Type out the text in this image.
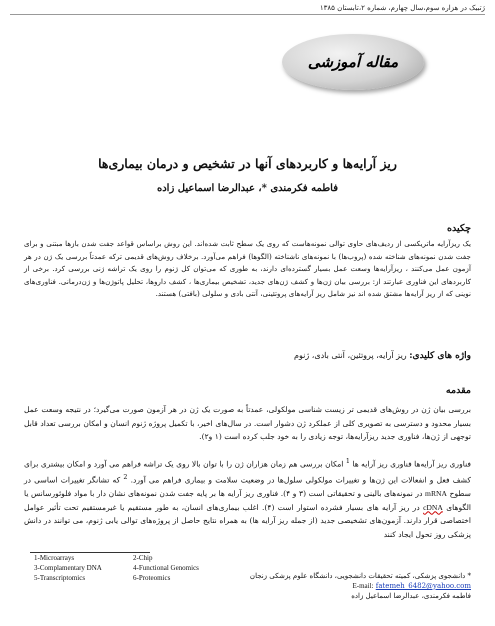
رَتبیک در هزاره سوم،سال چهارم، شماره ۲،تابستان ۱۳۸۵
مقاله آموزشی
ریز آرایه‌ها و کاربردهای آنها در تشخیص و درمان بیماری‌ها
فاطمه فکرمندی *، عبدالرضا اسماعیل زاده
چکیده
یک ریزآرایه ماتریکسی از ردیف‌های حاوی توالی نمونه‌هاست که روی یک سطح ثابت شده‌اند. این روش براساس قواعد جفت شدن بازها مبتنی و برای جفت شدن نمونه‌های شناخته شده (پروب‌ها) با نمونه‌های ناشناخته (الگوها) فراهم می‌آورد. برخلاف روش‌های قدیمی ترکه عمدتاً بررسی یک ژن در هر آزمون عمل می‌کنند ، ریزآرایه‌ها وسعت عمل بسیار گسترده‌ای دارند، به طوری که می‌توان کل ژنوم را روی یک تراشه ژنی بررسی کرد. برخی از کاربردهای این فناوری عبارتند از: بررسی بیان ژن‌ها و کشف ژن‌های جدید، تشخیص بیماری‌ها ، کشف داروها، تحلیل پاتوژن‌ها و ژن‌درمانی. فناوری‌های نوینی که از ریز آرایه‌ها مشتق شده اند نیز شامل ریز آرایه‌های پروتئینی، آنتی بادی و سلولی (بافتی) هستند.
واژه های کلیدی: ریز آرایه، پروتئین، آنتی بادی، ژنوم
مقدمه
بررسی بیان ژن در روش‌های قدیمی تر زیست شناسی مولکولی، عمدتاً به صورت یک ژن در هر آزمون صورت می‌گیرد؛ در نتیجه وسعت عمل بسیار محدود و دسترسی به تصویری کلی از عملکرد ژن دشوار است. در سال‌های اخیر، با تکمیل پروژه ژنوم انسان و امکان بررسی تعداد قابل توجهی از ژن‌ها، فناوری جدید ریزآرایه‌ها، توجه زیادی را به خود جلب کرده است (۱ و۲).
فناوری ریز آرایه‌ها فناوری ریز آرایه ها $^1$ امکان بررسی هم زمان هزاران ژن را با توان بالا روی یک تراشه فراهم می آورد و امکان بیشتری برای کشف فعل و انفعالات این ژن‌ها و تغییرات مولکولی سلول‌ها در وضعیت سلامت و بیماری فراهم می آورد. $^2$ که تشانگر تغییرات اساسی در سطوح mRNA در نمونه‌های بالینی و تحقیقاتی است (۳ و ۴). فناوری ریز آرایه ها بر پایه جفت شدن نمونه‌های نشان دار با مواد فلوئورسانس یا الگوهای cDNA در ریز آرایه های بسیار فشرده استوار است (۴). اغلب بیماری‌های انسان، به طور مستقیم یا غیرمستقیم تحت تأثیر عوامل اختصاصی قرار دارند. آزمون‌های تشخیصی جدید (از جمله ریز آرایه ها) به همراه نتایج حاصل از پروژه‌های توالی یابی ژنوم، می توانند در دانش پزشکی روز تحول ایجاد کنند
1-Microarrays	2-Chip
3-Complamentary DNA	4-Functional Genomics
5-Transcriptomics	6-Proteomics	* دانشجوی پزشکی، کمیته تحقیقات دانشجویی، دانشگاه علوم پزشکی زنجان
E-mail: fatemeh_6482@yahoo.com
فاطمه فکرمندی، عبدالرضا اسماعیل زاده
